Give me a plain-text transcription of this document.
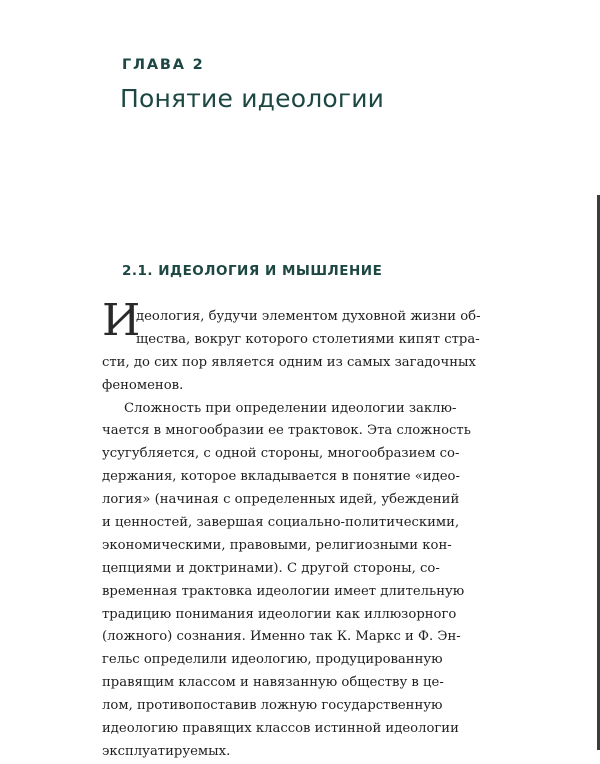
ГЛАВА 2
Понятие идеологии
2.1. ИДЕОЛОГИЯ И МЫШЛЕНИЕ
И
деология, будучи элементом духовной жизни об-
щества, вокруг которого столетиями кипят стра-
сти, до сих пор является одним из самых загадочных
феноменов.
Сложность при определении идеологии заклю-
чается в многообразии ее трактовок. Эта сложность
усугубляется, с одной стороны, многообразием со-
держания, которое вкладывается в понятие «идео-
логия» (начиная с определенных идей, убеждений
и ценностей, завершая социально-политическими,
экономическими, правовыми, религиозными кон-
цепциями и доктринами). С другой стороны, со-
временная трактовка идеологии имеет длительную
традицию понимания идеологии как иллюзорного
(ложного) сознания. Именно так К. Маркс и Ф. Эн-
гельс определили идеологию, продуцированную
правящим классом и навязанную обществу в це-
лом, противопоставив ложную государственную
идеологию правящих классов истинной идеологии
эксплуатируемых.
